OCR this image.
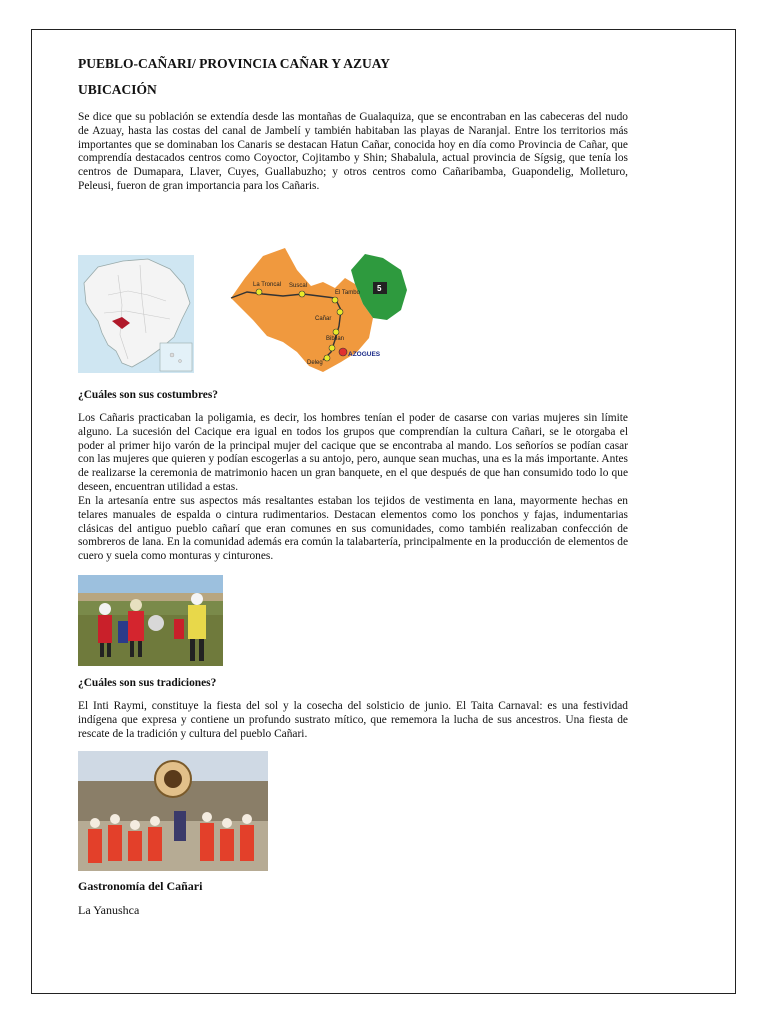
PUEBLO-CAÑARI/ PROVINCIA CAÑAR Y AZUAY
UBICACIÓN

Se dice que su población se extendía desde las montañas de Gualaquiza, que se encontraban en las cabeceras del nudo de Azuay, hasta las costas del canal de Jambelí y también habitaban las playas de Naranjal. Entre los territorios más importantes que se dominaban los Canaris se destacan Hatun Cañar, conocida hoy en día como Provincia de Cañar, que comprendía destacados centros como Coyoctor, Cojitambo y Shin; Shabalula, actual provincia de Sígsig, que tenía los centros de Dumapara, Llaver, Cuyes, Guallabuzho; y otros centros como Cañaribamba, Guapondelig, Molleturo, Peleusi, fueron de gran importancia para los Cañaris.

5
La Troncal Suscal
El Tambo
Cañar
Biblian
Deleg
AZOGUES

¿Cuáles son sus costumbres?

Los Cañaris practicaban la poligamia, es decir, los hombres tenían el poder de casarse con varias mujeres sin límite alguno. La sucesión del Cacique era igual en todos los grupos que comprendían la cultura Cañari, se le otorgaba el poder al primer hijo varón de la principal mujer del cacique que se encontraba al mando. Los señoríos se podían casar con las mujeres que quieren y podían escogerlas a su antojo, pero, aunque sean muchas, una es la más importante. Antes de realizarse la ceremonia de matrimonio hacen un gran banquete, en el que después de que han consumido todo lo que deseen, encuentran utilidad a estas.

En la artesanía entre sus aspectos más resaltantes estaban los tejidos de vestimenta en lana, mayormente hechas en telares manuales de espalda o cintura rudimentarios. Destacan elementos como los ponchos y fajas, indumentarias clásicas del antiguo pueblo cañarí que eran comunes en sus comunidades, como también realizaban confección de sombreros de lana. En la comunidad además era común la talabartería, principalmente en la producción de elementos de cuero y suela como monturas y cinturones.

¿Cuáles son sus tradiciones?

El Inti Raymi, constituye la fiesta del sol y la cosecha del solsticio de junio. El Taita Carnaval: es una festividad indígena que expresa y contiene un profundo sustrato mítico, que rememora la lucha de sus ancestros. Una fiesta de rescate de la tradición y cultura del pueblo Cañari.

Gastronomía del Cañari

La Yanushca
